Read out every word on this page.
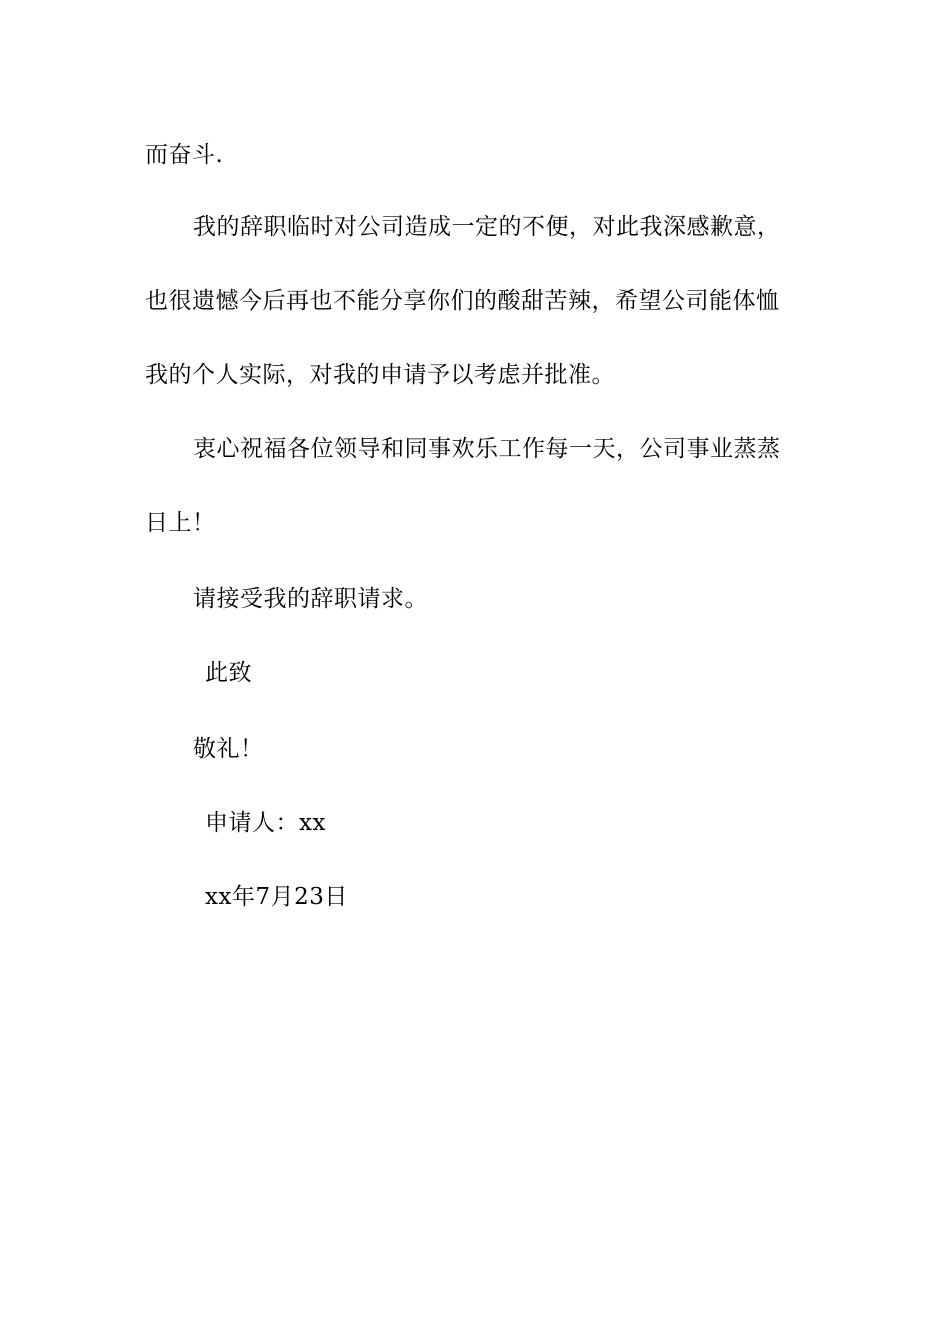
而奋斗.
我的辞职临时对公司造成一定的不便，对此我深感歉意，
也很遗憾今后再也不能分享你们的酸甜苦辣，希望公司能体恤
我的个人实际，对我的申请予以考虑并批准。
衷心祝福各位领导和同事欢乐工作每一天，公司事业蒸蒸
日上！
请接受我的辞职请求。
此致
敬礼！
申请人：xx
xx年7月23日
